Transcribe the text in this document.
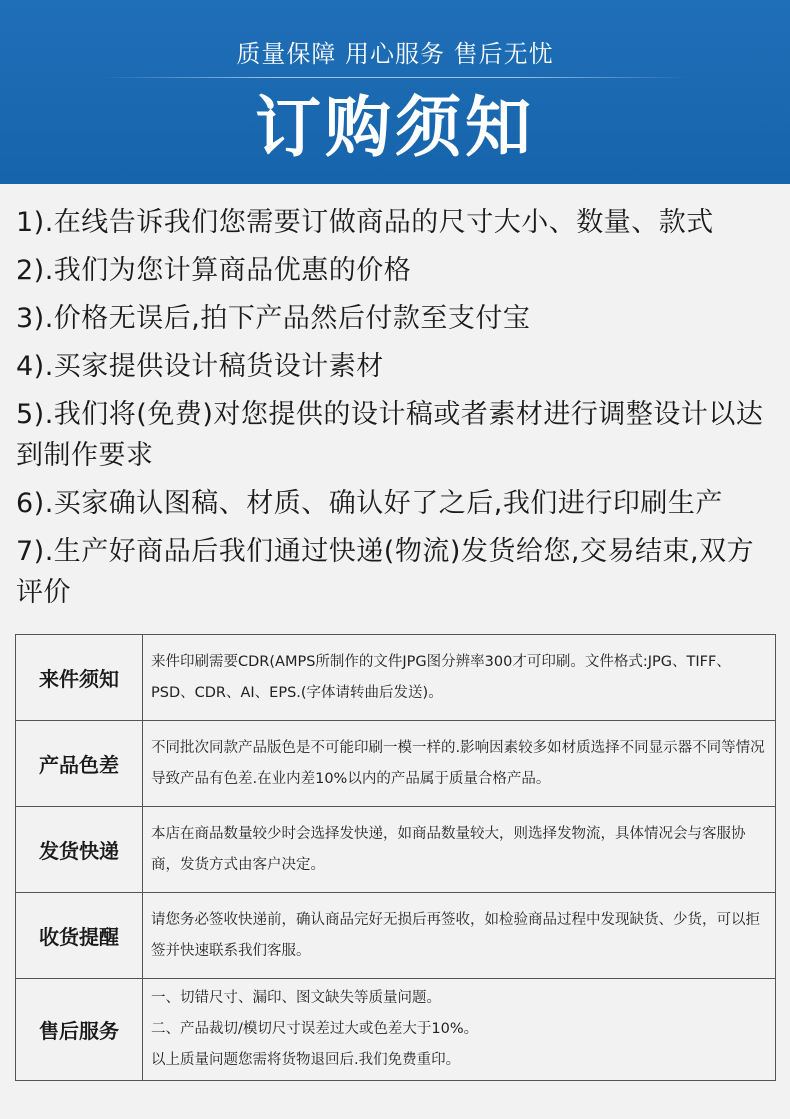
质量保障 用心服务 售后无忧
订购须知
1).在线告诉我们您需要订做商品的尺寸大小、数量、款式
2).我们为您计算商品优惠的价格
3).价格无误后,拍下产品然后付款至支付宝
4).买家提供设计稿货设计素材
5).我们将(免费)对您提供的设计稿或者素材进行调整设计以达到制作要求
6).买家确认图稿、材质、确认好了之后,我们进行印刷生产
7).生产好商品后我们通过快递(物流)发货给您,交易结束,双方评价
来件须知	来件印刷需要CDR(AMPS所制作的文件JPG图分辨率300才可印刷。文件格式:JPG、TIFF、PSD、CDR、AI、EPS.(字体请转曲后发送)。
产品色差	不同批次同款产品版色是不可能印刷一模一样的.影响因素较多如材质选择不同显示器不同等情况导致产品有色差.在业内差10%以内的产品属于质量合格产品。
发货快递	本店在商品数量较少时会选择发快递，如商品数量较大，则选择发物流，具体情况会与客服协商，发货方式由客户决定。
收货提醒	请您务必签收快递前，确认商品完好无损后再签收，如检验商品过程中发现缺货、少货，可以拒签并快速联系我们客服。
售后服务	一、切错尺寸、漏印、图文缺失等质量问题。
二、产品裁切/模切尺寸误差过大或色差大于10%。
以上质量问题您需将货物退回后.我们免费重印。
